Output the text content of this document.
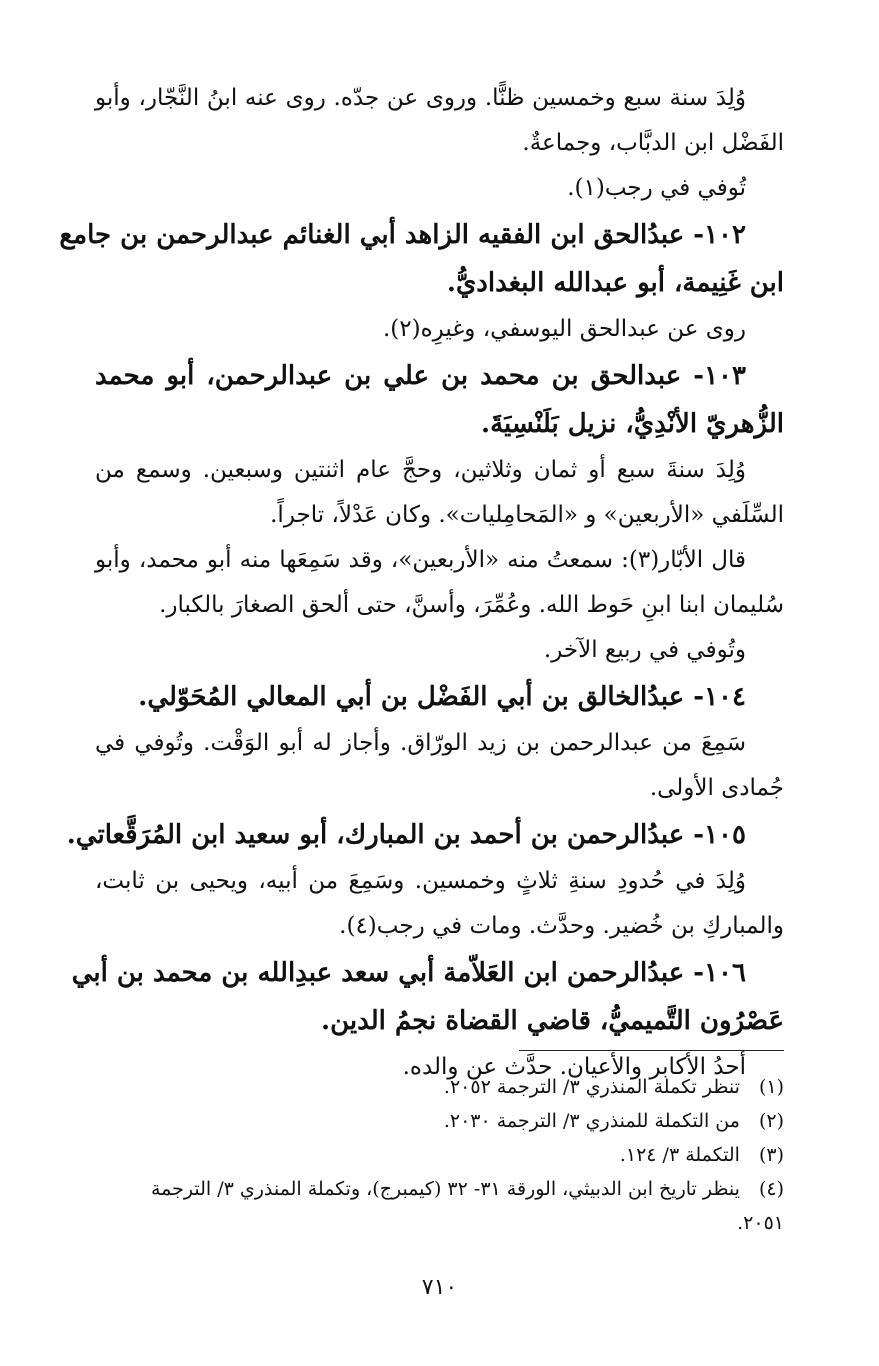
وُلِدَ سنة سبع وخمسين ظنًّا. وروى عن جدّه. روى عنه ابنُ النَّجّار، وأبو
الفَضْل ابن الدبَّاب، وجماعةٌ.
تُوفي في رجب(١).
١٠٢- عبدُالحق ابن الفقيه الزاهد أبي الغنائم عبدالرحمن بن جامع
ابن غَنِيمة، أبو عبدالله البغداديُّ.
روى عن عبدالحق اليوسفي، وغيرِه(٢).
١٠٣- عبدالحق بن محمد بن علي بن عبدالرحمن، أبو محمد
الزُّهريّ الأنْدِيُّ، نزيل بَلَنْسِيَةَ.
وُلِدَ سنةَ سبع أو ثمان وثلاثين، وحجَّ عام اثنتين وسبعين. وسمع من
السِّلَفي «الأربعين» و «المَحامِليات». وكان عَدْلاً، تاجراً.
قال الأبّار(٣): سمعتُ منه «الأربعين»، وقد سَمِعَها منه أبو محمد، وأبو
سُليمان ابنا ابنِ حَوط الله. وعُمِّرَ، وأسنَّ، حتى ألحق الصغارَ بالكبار.
وتُوفي في ربيع الآخر.
١٠٤- عبدُالخالق بن أبي الفَضْل بن أبي المعالي المُحَوّلي.
سَمِعَ من عبدالرحمن بن زيد الورّاق. وأجاز له أبو الوَقْت. وتُوفي في
جُمادى الأولى.
١٠٥- عبدُالرحمن بن أحمد بن المبارك، أبو سعيد ابن المُرَقَّعاتي.
وُلِدَ في حُدودِ سنةِ ثلاثٍ وخمسين. وسَمِعَ من أبيه، ويحيى بن ثابت،
والمباركِ بن خُضير. وحدَّث. ومات في رجب(٤).
١٠٦- عبدُالرحمن ابن العَلاّمة أبي سعد عبدِالله بن محمد بن أبي
عَصْرُون التَّميميُّ، قاضي القضاة نجمُ الدين.
أحدُ الأكابر والأعيان. حدَّث عن والده.
(١) تنظر تكملة المنذري ٣/ الترجمة ٢٠٥٢.
(٢) من التكملة للمنذري ٣/ الترجمة ٢٠٣٠.
(٣) التكملة ٣/ ١٢٤.
(٤) ينظر تاريخ ابن الدبيثي، الورقة ٣١- ٣٢ (كيمبرج)، وتكملة المنذري ٣/ الترجمة
٢٠٥١.
٧١٠
